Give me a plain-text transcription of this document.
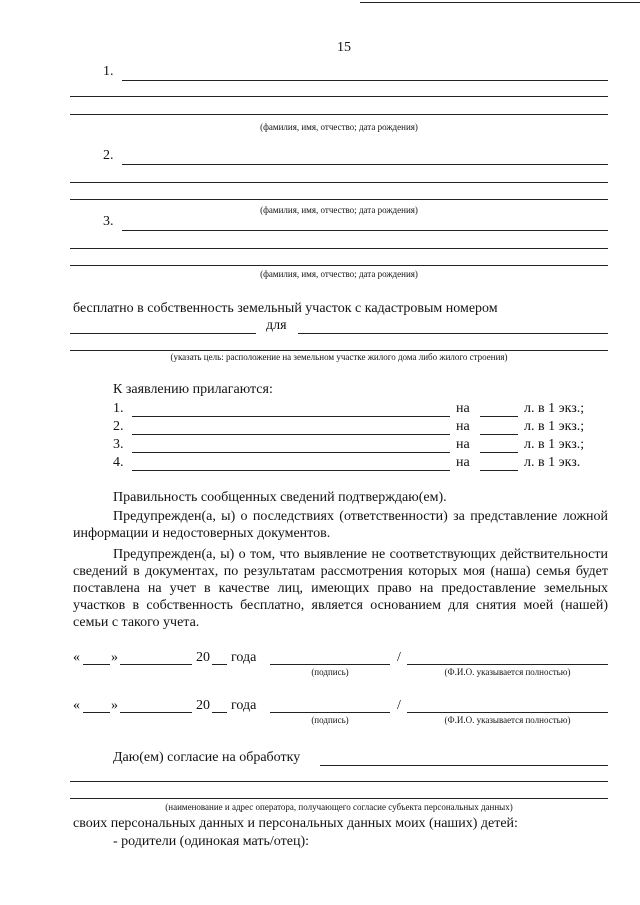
15
1.
(фамилия, имя, отчество; дата рождения)
2.
(фамилия, имя, отчество; дата рождения)
3.
(фамилия, имя, отчество; дата рождения)
бесплатно в собственность земельный участок с кадастровым номером
для
(указать цель: расположение на земельном участке жилого дома либо жилого строения)
К заявлению прилагаются:
1.	на	л. в 1 экз.;
2.	на	л. в 1 экз.;
3.	на	л. в 1 экз.;
4.	на	л. в 1 экз.
Правильность сообщенных сведений подтверждаю(ем).
Предупрежден(а, ы) о последствиях (ответственности) за представление ложной информации и недостоверных документов.
Предупрежден(а, ы) о том, что выявление не соответствующих действительности сведений в документах, по результатам рассмотрения которых моя (наша) семья будет поставлена на учет в качестве лиц, имеющих право на предоставление земельных участков в собственность бесплатно, является основанием для снятия моей (нашей) семьи с такого учета.
« »	20 года	/
(подпись)	(Ф.И.О. указывается полностью)
« »	20 года	/
(подпись)	(Ф.И.О. указывается полностью)
Даю(ем) согласие на обработку
(наименование и адрес оператора, получающего согласие субъекта персональных данных)
своих персональных данных и персональных данных моих (наших) детей:
- родители (одинокая мать/отец):
